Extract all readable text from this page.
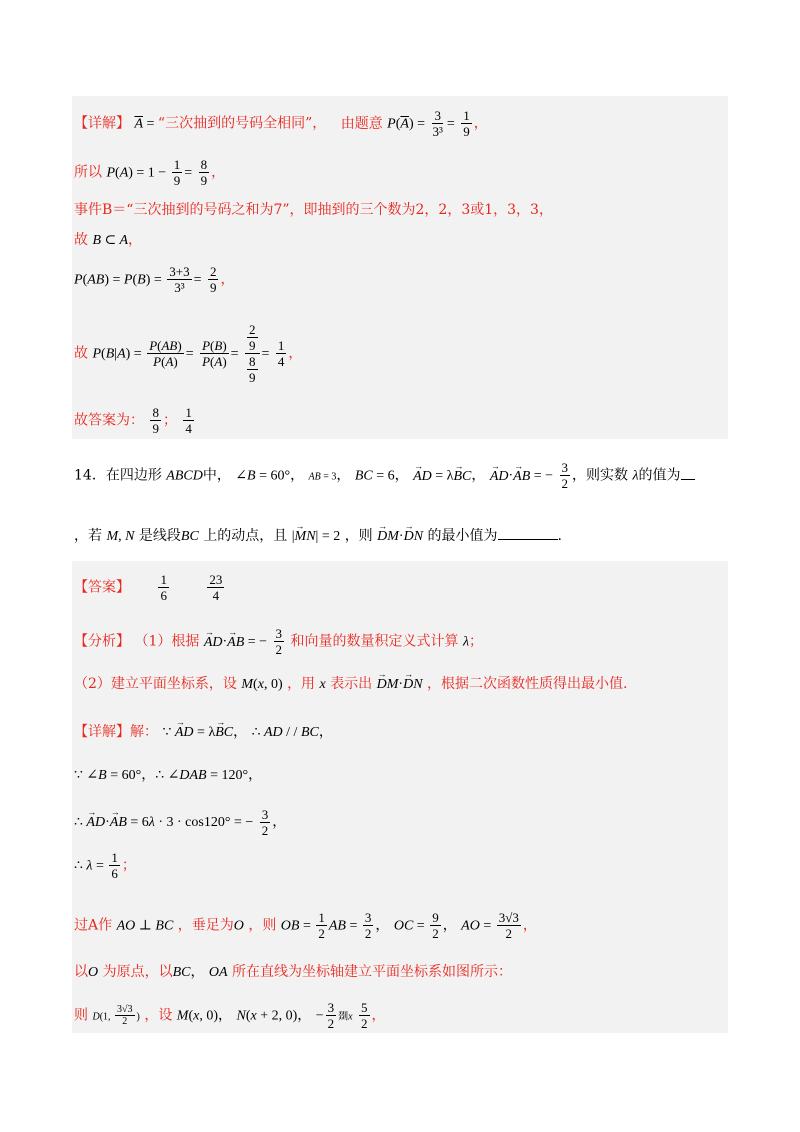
【详解】 $\overline{A}$ = “三次抽到的号码全相同”， 由题意 $P(\overline{A}) = \frac{3}{\text{3³}} = \frac{1}{9}$ ，
所以 $P(A) = 1 - \frac{1}{9} = \frac{8}{9}$ ，
事件B＝“三次抽到的号码之和为7”，即抽到的三个数为2，2，3或1，3，3，
故 B ⊂ A，
$P(AB) = P(B) = \frac{3+3}{\text{3³}} = \frac{2}{9}$ ，
故 $P(B|A) = \frac{P(AB)}{P(A)} = \frac{P(B)}{P(A)} = \frac{\frac{2}{9}}{\frac{8}{9}} = \frac{1}{4}$ ，
故答案为： $\frac{8}{9}$ ； $\frac{1}{4}$
14．在四边形 ABCD中， ∠B = 60°， AB = 3， BC = 6， → AD = λ→ BC， → AD·→ AB = − $\frac{3}{2}$ ，则实数 λ的值为
，若 M, N 是线段BC 上的动点，且 |→ MN| = 2 ，则 → DM·→ DN 的最小值为	.
【答案】 $\frac{1}{6}$
	$\frac{23}{4}$
【分析】 （1）根据 → AD·→ AB = − $\frac{3}{2}$ 和向量的数量积定义式计算 λ；
（2）建立平面坐标系，设 M(x, 0) ，用 x 表示出 → DM·→ DN ，根据二次函数性质得出最小值.
【详解】解： ∵ → AD = λ→ BC， ∴ AD / / BC，
∵ ∠B = 60°，∴ ∠DAB = 120°，
∴ → AD·→ AB = 6λ · 3 · cos120° = − $\frac{3}{2}$ ，
∴ $\lambda = \frac{1}{6}$ ；
过A作 AO ⊥ BC ，垂足为O ，则 OB = $\frac{1}{2}$ AB = $\frac{3}{2}$ ， OC = $\frac{9}{2}$ ， AO = $\frac{3√3}{2}$ ，
以O 为原点，以BC， OA 所在直线为坐标轴建立平面坐标系如图所示：
则 D(1, $\frac{3√3}{2}$ ) ，设 M(x, 0)， N(x + 2, 0)， − $\frac{3}{2}$ 剟x $\frac{5}{2}$ ，
